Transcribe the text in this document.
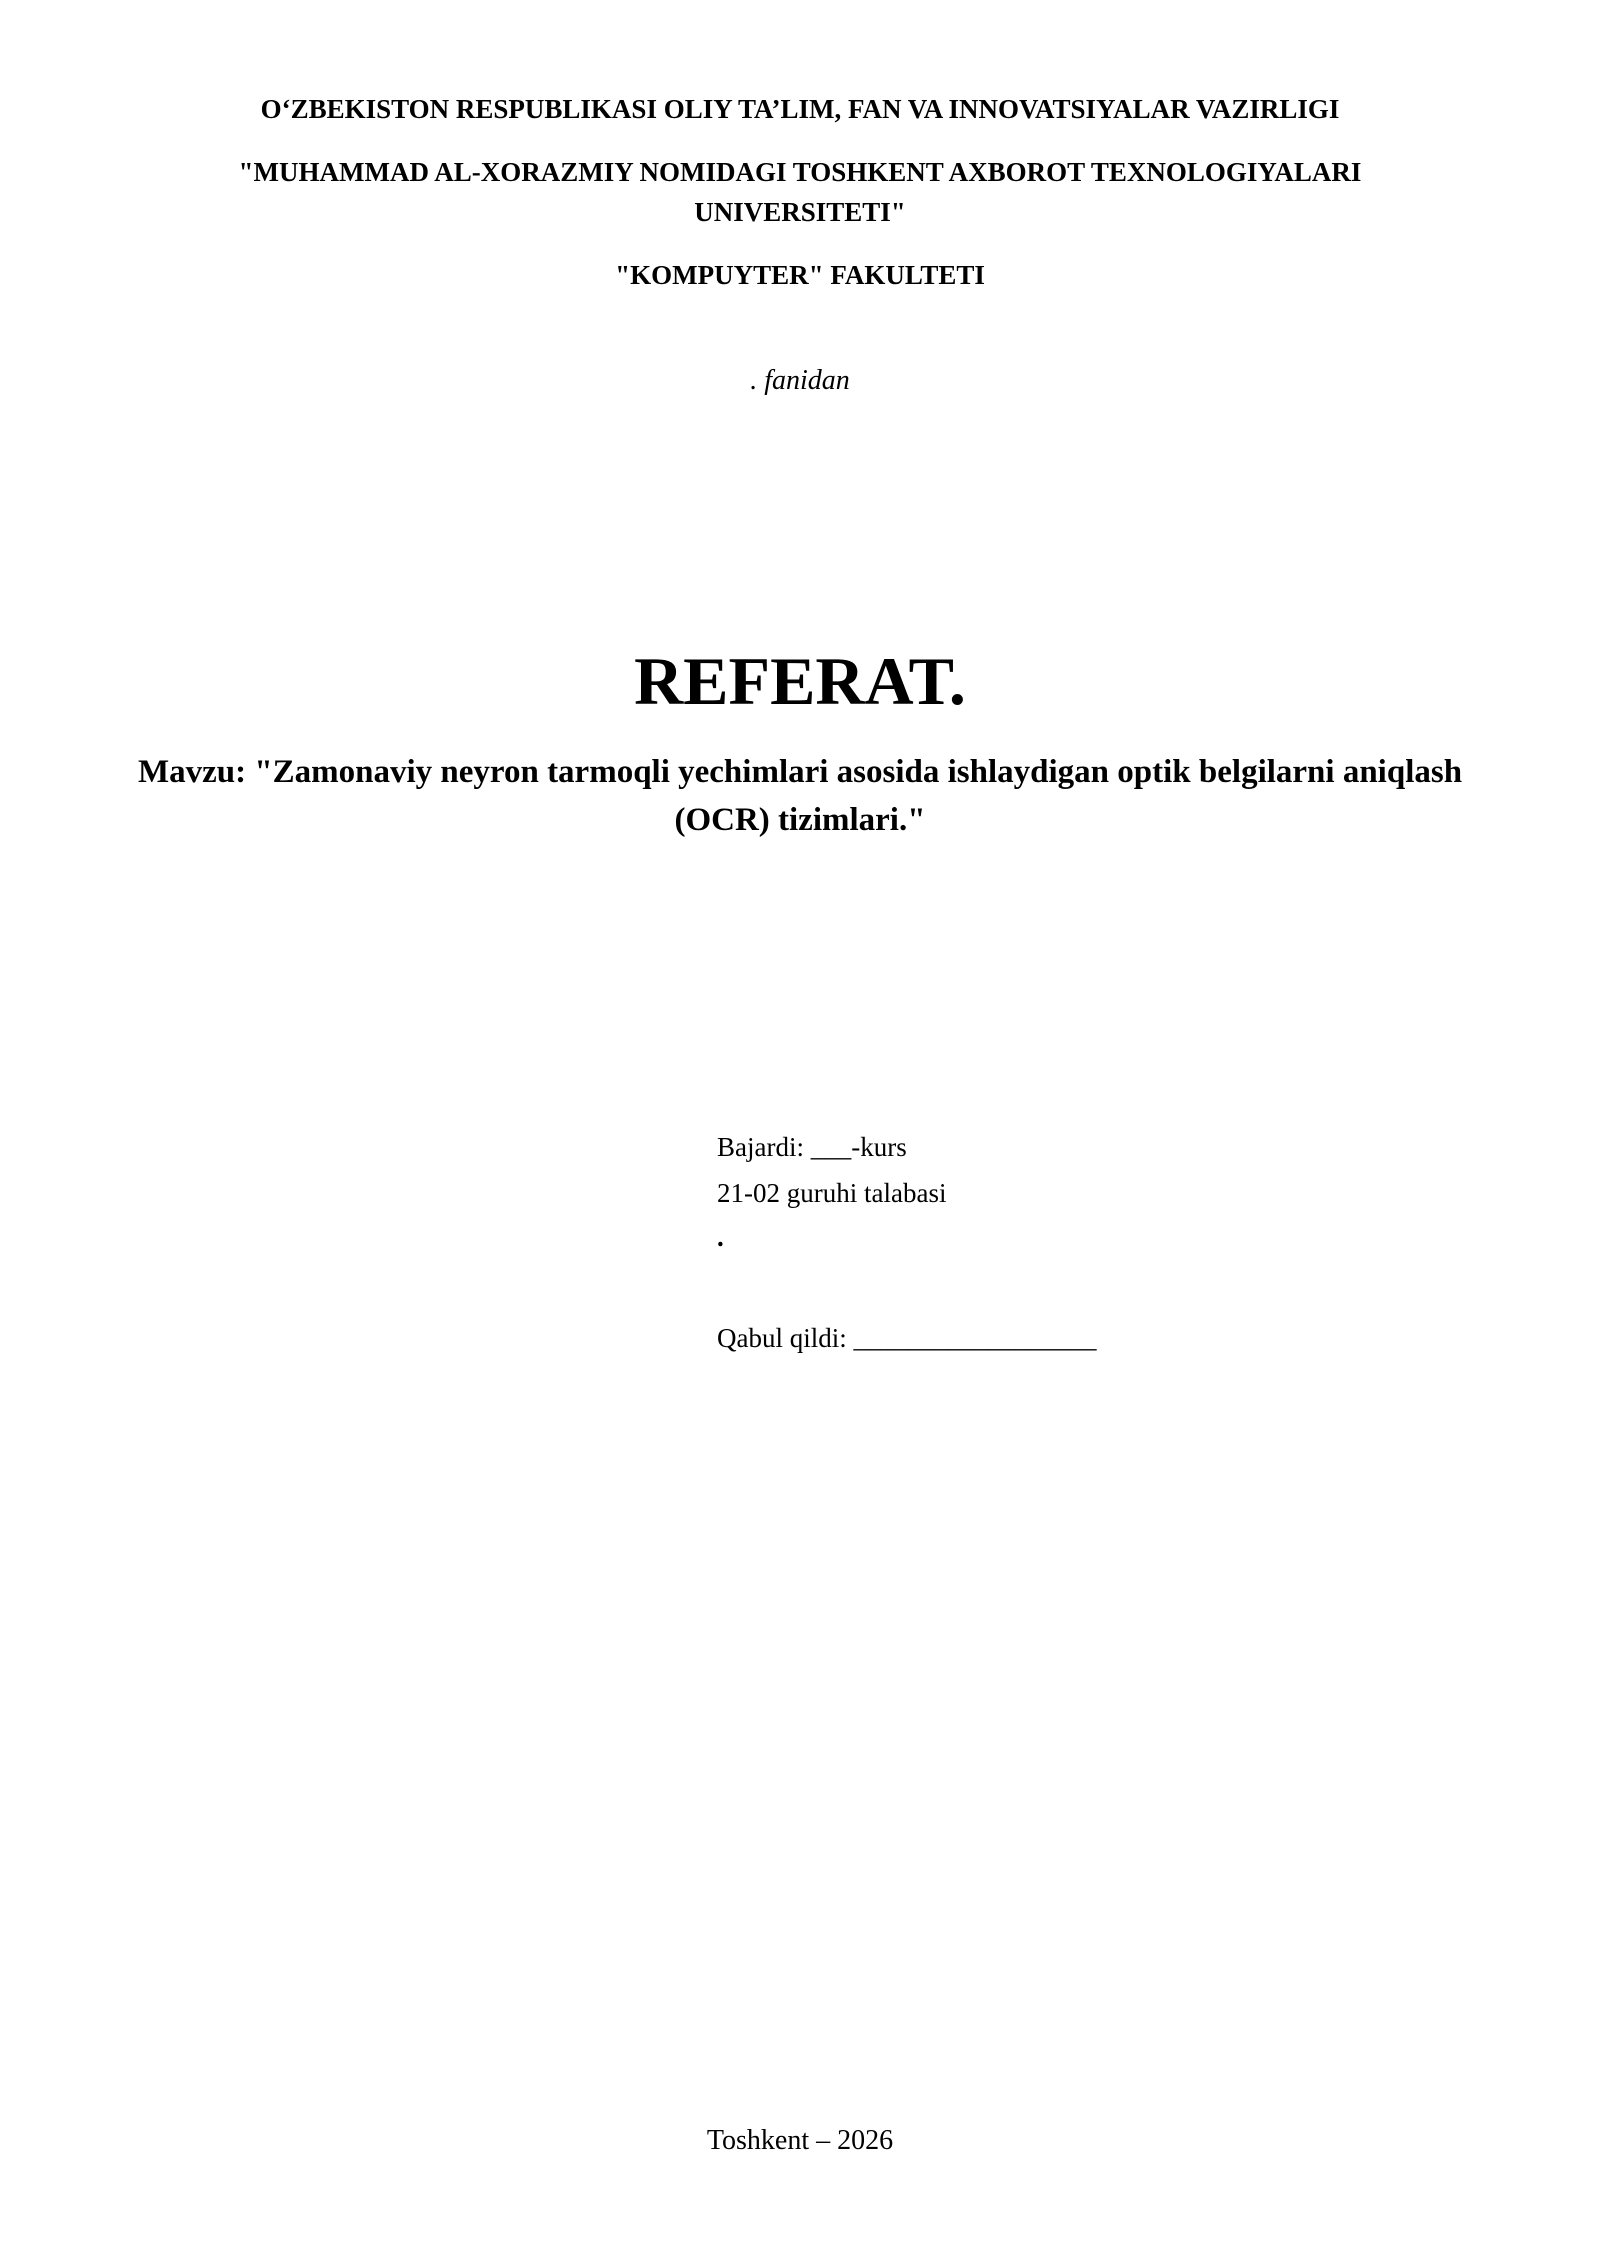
O‘ZBEKISTON RESPUBLIKASI OLIY TA’LIM, FAN VA INNOVATSIYALAR VAZIRLIGI
"MUHAMMAD AL-XORAZMIY NOMIDAGI TOSHKENT AXBOROT TEXNOLOGIYALARI
UNIVERSITETI"
"KOMPUYTER" FAKULTETI
. fanidan
REFERAT.
Mavzu: "Zamonaviy neyron tarmoqli yechimlari asosida ishlaydigan optik belgilarni aniqlash
(OCR) tizimlari."
Bajardi: ___-kurs
21-02 guruhi talabasi
.
Qabul qildi: __________________
Toshkent – 2026
